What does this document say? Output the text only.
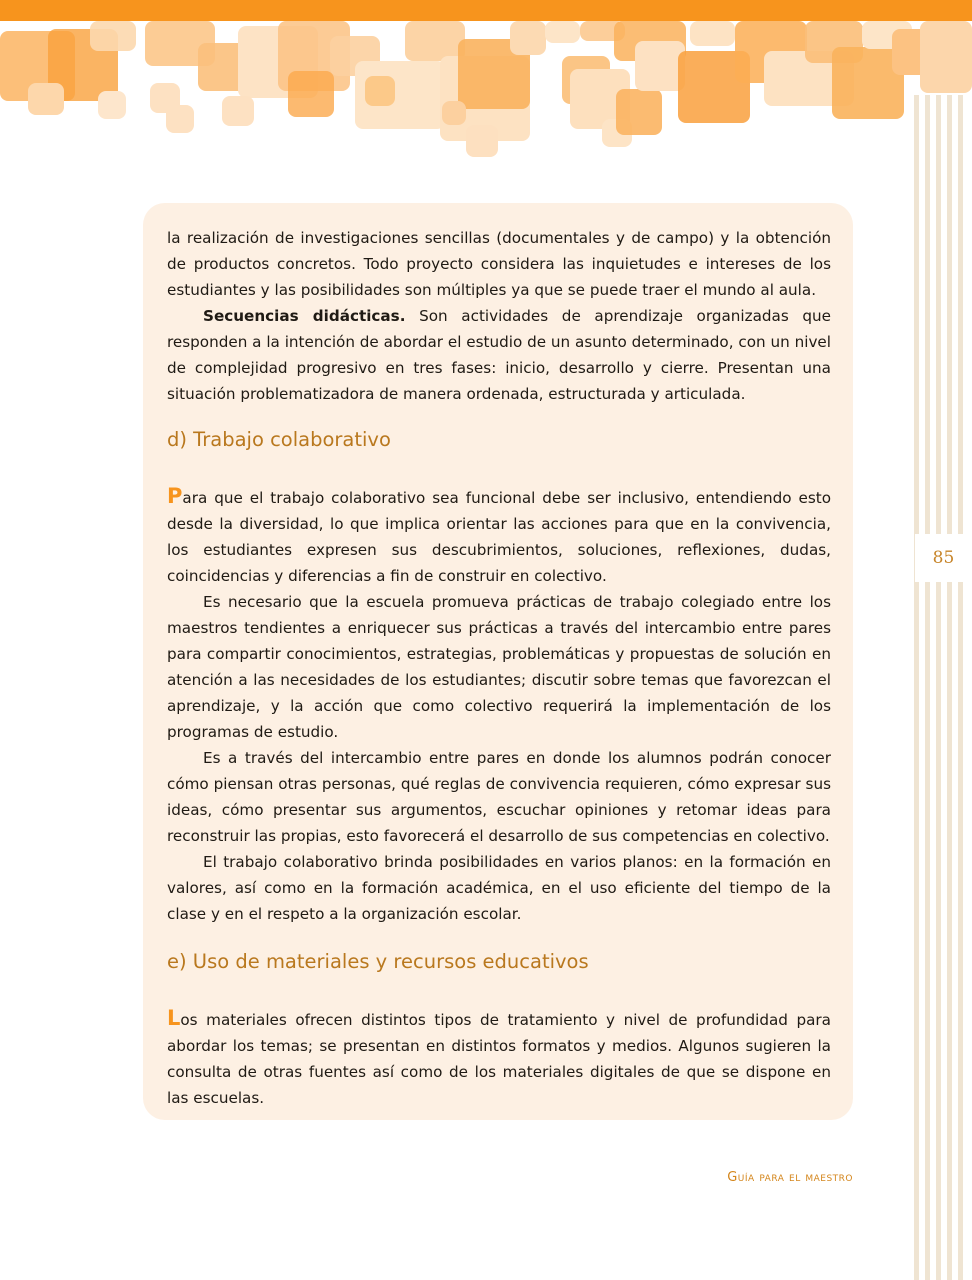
85

la realización de investigaciones sencillas (documentales y de campo) y la obtención de productos concretos. Todo proyecto considera las inquietudes e intereses de los estudiantes y las posibilidades son múltiples ya que se puede traer el mundo al aula.

Secuencias didácticas. Son actividades de aprendizaje organizadas que responden a la intención de abordar el estudio de un asunto determinado, con un nivel de complejidad progresivo en tres fases: inicio, desarrollo y cierre. Presentan una situación problematizadora de manera ordenada, estructurada y articulada.

d) Trabajo colaborativo

Para que el trabajo colaborativo sea funcional debe ser inclusivo, entendiendo esto desde la diversidad, lo que implica orientar las acciones para que en la convivencia, los estudiantes expresen sus descubrimientos, soluciones, reflexiones, dudas, coincidencias y diferencias a fin de construir en colectivo.

Es necesario que la escuela promueva prácticas de trabajo colegiado entre los maestros tendientes a enriquecer sus prácticas a través del intercambio entre pares para compartir conocimientos, estrategias, problemáticas y propuestas de solución en atención a las necesidades de los estudiantes; discutir sobre temas que favorezcan el aprendizaje, y la acción que como colectivo requerirá la implementación de los programas de estudio.

Es a través del intercambio entre pares en donde los alumnos podrán conocer cómo piensan otras personas, qué reglas de convivencia requieren, cómo expresar sus ideas, cómo presentar sus argumentos, escuchar opiniones y retomar ideas para reconstruir las propias, esto favorecerá el desarrollo de sus competencias en colectivo.

El trabajo colaborativo brinda posibilidades en varios planos: en la formación en valores, así como en la formación académica, en el uso eficiente del tiempo de la clase y en el respeto a la organización escolar.

e) Uso de materiales y recursos educativos

Los materiales ofrecen distintos tipos de tratamiento y nivel de profundidad para abordar los temas; se presentan en distintos formatos y medios. Algunos sugieren la consulta de otras fuentes así como de los materiales digitales de que se dispone en las escuelas.

Guía para el maestro
